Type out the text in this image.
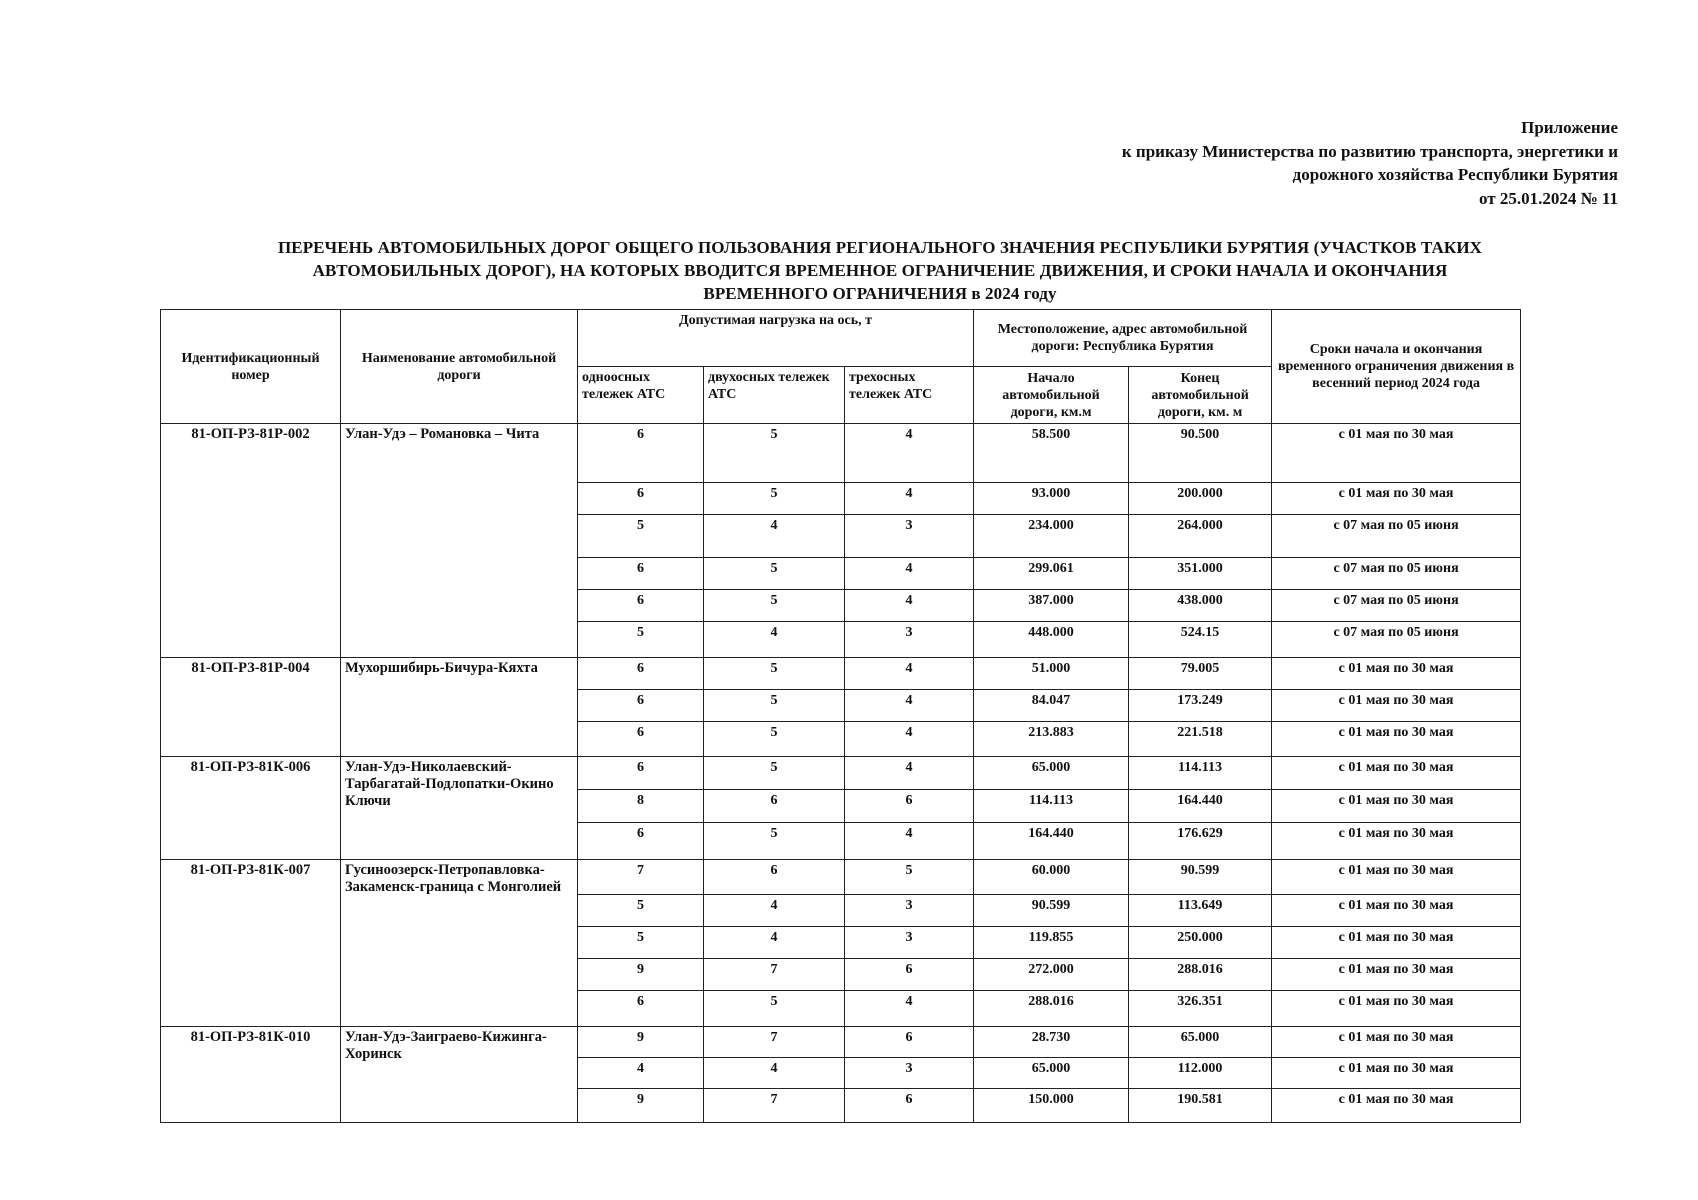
Приложение
к приказу Министерства по развитию транспорта, энергетики и
дорожного хозяйства Республики Бурятия
от 25.01.2024 № 11
ПЕРЕЧЕНЬ АВТОМОБИЛЬНЫХ ДОРОГ ОБЩЕГО ПОЛЬЗОВАНИЯ РЕГИОНАЛЬНОГО ЗНАЧЕНИЯ РЕСПУБЛИКИ БУРЯТИЯ (УЧАСТКОВ ТАКИХ
АВТОМОБИЛЬНЫХ ДОРОГ), НА КОТОРЫХ ВВОДИТСЯ ВРЕМЕННОЕ ОГРАНИЧЕНИЕ ДВИЖЕНИЯ, И СРОКИ НАЧАЛА И ОКОНЧАНИЯ
ВРЕМЕННОГО ОГРАНИЧЕНИЯ в 2024 году
Идентификационный номер	Наименование автомобильной дороги	Допустимая нагрузка на ось, т			Местоположение, адрес автомобильной дороги: Республика Бурятия		Сроки начала и окончания временного ограничения движения в весенний период 2024 года
		одноосных тележек АТС	двухосных тележек АТС	трехосных тележек АТС	Начало автомобильной дороги, км.м	Конец автомобильной дороги, км. м	
81-ОП-РЗ-81Р-002	Улан-Удэ – Романовка – Чита	6	5	4	58.500	90.500	с 01 мая по 30 мая
		6	5	4	93.000	200.000	с 01 мая по 30 мая
		5	4	3	234.000	264.000	с 07 мая по 05 июня
		6	5	4	299.061	351.000	с 07 мая по 05 июня
		6	5	4	387.000	438.000	с 07 мая по 05 июня
		5	4	3	448.000	524.15	с 07 мая по 05 июня
81-ОП-РЗ-81Р-004	Мухоршибирь-Бичура-Кяхта	6	5	4	51.000	79.005	с 01 мая по 30 мая
		6	5	4	84.047	173.249	с 01 мая по 30 мая
		6	5	4	213.883	221.518	с 01 мая по 30 мая
81-ОП-РЗ-81К-006	Улан-Удэ-Николаевский-Тарбагатай-Подлопатки-Окино Ключи	6	5	4	65.000	114.113	с 01 мая по 30 мая
		8	6	6	114.113	164.440	с 01 мая по 30 мая
		6	5	4	164.440	176.629	с 01 мая по 30 мая
81-ОП-РЗ-81К-007	Гусиноозерск-Петропавловка-Закаменск-граница с Монголией	7	6	5	60.000	90.599	с 01 мая по 30 мая
		5	4	3	90.599	113.649	с 01 мая по 30 мая
		5	4	3	119.855	250.000	с 01 мая по 30 мая
		9	7	6	272.000	288.016	с 01 мая по 30 мая
		6	5	4	288.016	326.351	с 01 мая по 30 мая
81-ОП-РЗ-81К-010	Улан-Удэ-Заиграево-Кижинга-Хоринск	9	7	6	28.730	65.000	с 01 мая по 30 мая
		4	4	3	65.000	112.000	с 01 мая по 30 мая
		9	7	6	150.000	190.581	с 01 мая по 30 мая
